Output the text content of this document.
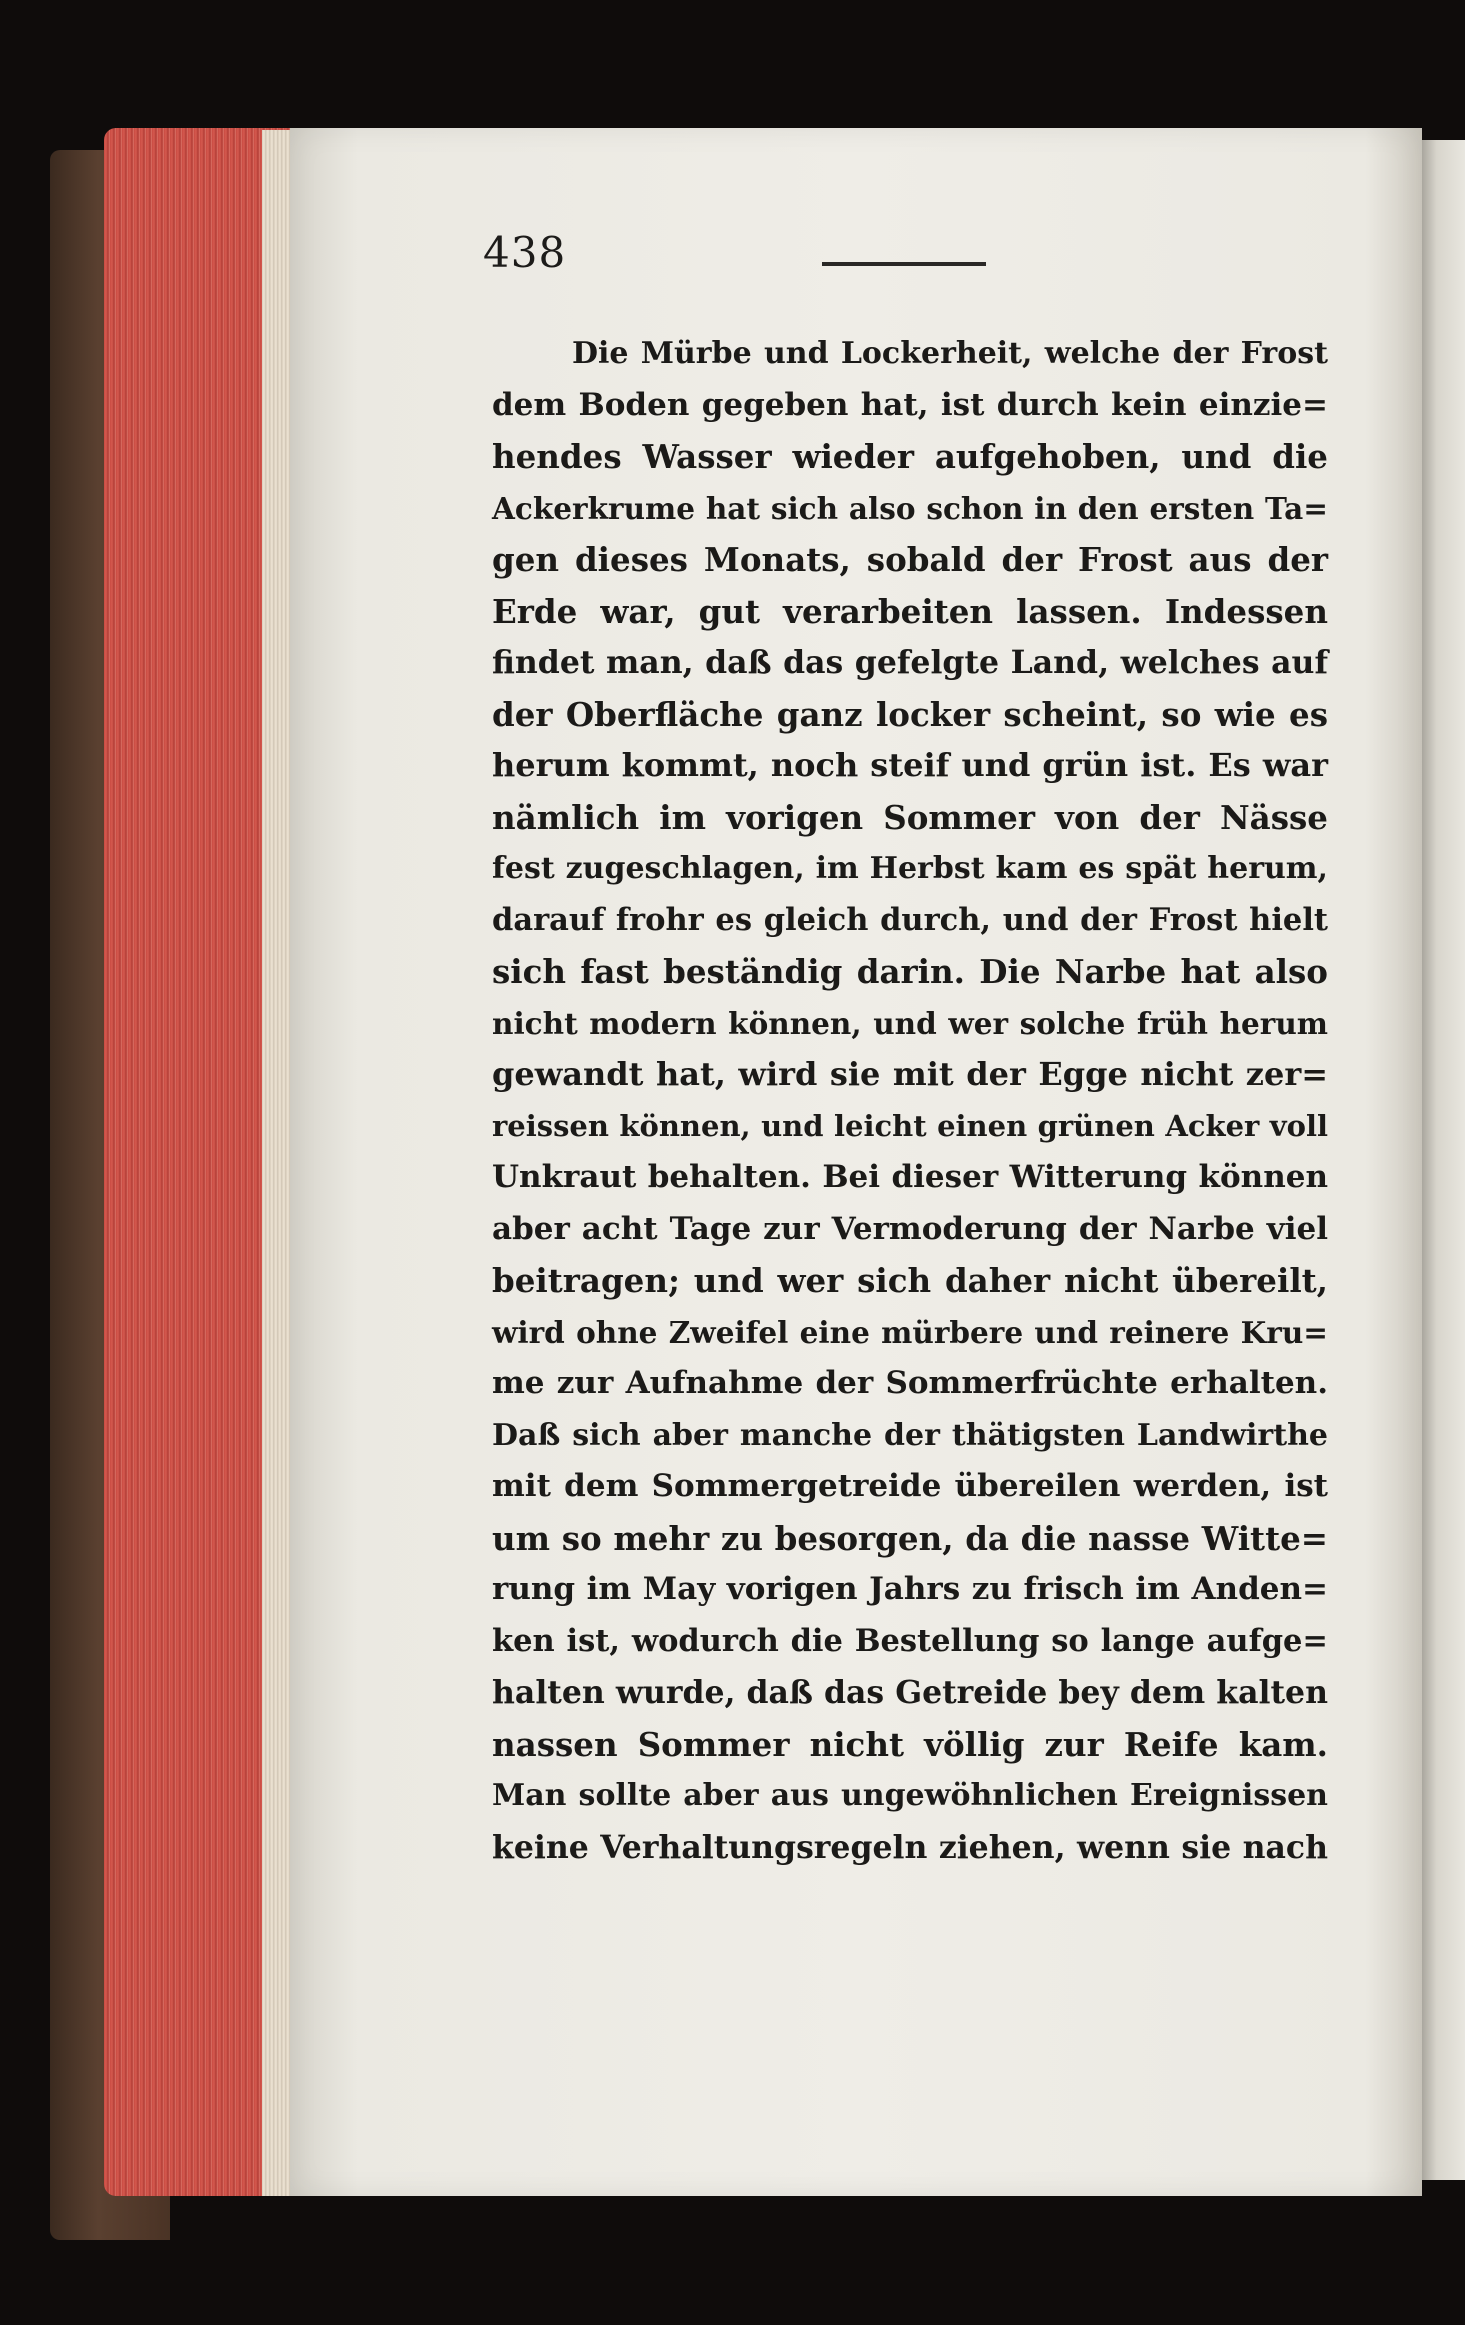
438
Die Mürbe und Lockerheit, welche der Frost
dem Boden gegeben hat, ist durch kein einzie=
hendes Wasser wieder aufgehoben, und die
Ackerkrume hat sich also schon in den ersten Ta=
gen dieses Monats, sobald der Frost aus der
Erde war, gut verarbeiten lassen. Indessen
findet man, daß das gefelgte Land, welches auf
der Oberfläche ganz locker scheint, so wie es
herum kommt, noch steif und grün ist. Es war
nämlich im vorigen Sommer von der Nässe
fest zugeschlagen, im Herbst kam es spät herum,
darauf frohr es gleich durch, und der Frost hielt
sich fast beständig darin. Die Narbe hat also
nicht modern können, und wer solche früh herum
gewandt hat, wird sie mit der Egge nicht zer=
reissen können, und leicht einen grünen Acker voll
Unkraut behalten. Bei dieser Witterung können
aber acht Tage zur Vermoderung der Narbe viel
beitragen; und wer sich daher nicht übereilt,
wird ohne Zweifel eine mürbere und reinere Kru=
me zur Aufnahme der Sommerfrüchte erhalten.
Daß sich aber manche der thätigsten Landwirthe
mit dem Sommergetreide übereilen werden, ist
um so mehr zu besorgen, da die nasse Witte=
rung im May vorigen Jahrs zu frisch im Anden=
ken ist, wodurch die Bestellung so lange aufge=
halten wurde, daß das Getreide bey dem kalten
nassen Sommer nicht völlig zur Reife kam.
Man sollte aber aus ungewöhnlichen Ereignissen
keine Verhaltungsregeln ziehen, wenn sie nach
